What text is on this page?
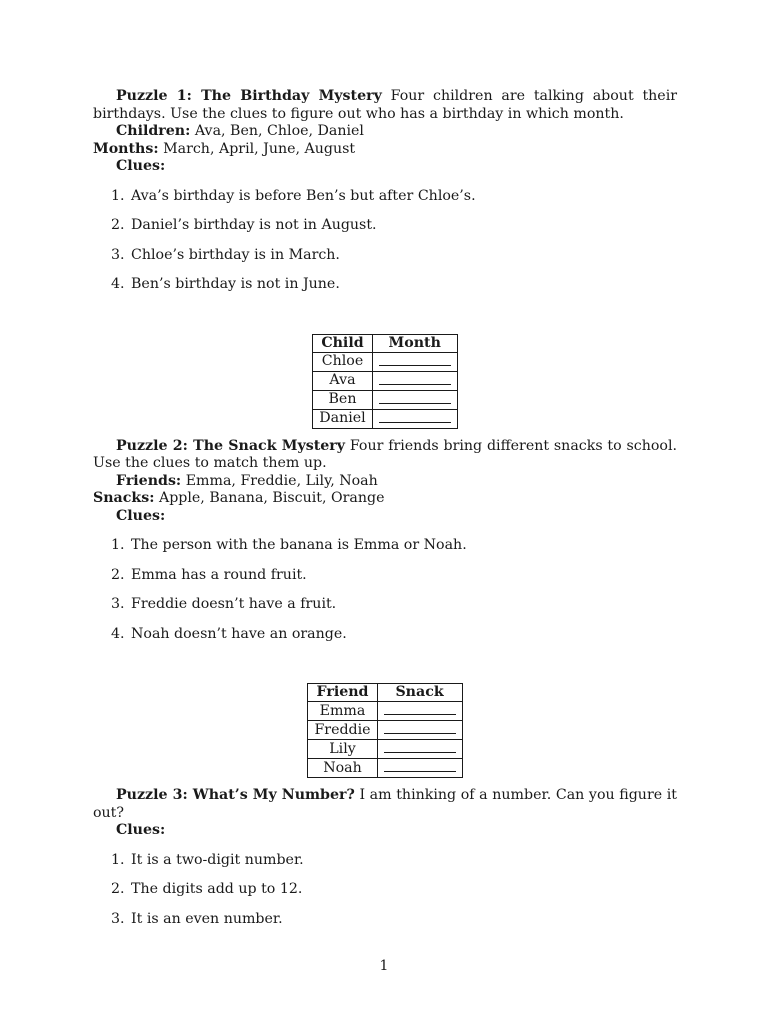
Puzzle 1: The Birthday Mystery Four children are talking about their birthdays. Use the clues to figure out who has a birthday in which month.

Children: Ava, Ben, Chloe, Daniel

Months: March, April, June, August

Clues:

1. Ava’s birthday is before Ben’s but after Chloe’s.
2. Daniel’s birthday is not in August.
3. Chloe’s birthday is in March.
4. Ben’s birthday is not in June.
Child	Month
Chloe	
Ava	
Ben	
Daniel	

Puzzle 2: The Snack Mystery Four friends bring different snacks to school. Use the clues to match them up.

Friends: Emma, Freddie, Lily, Noah

Snacks: Apple, Banana, Biscuit, Orange

Clues:

1. The person with the banana is Emma or Noah.
2. Emma has a round fruit.
3. Freddie doesn’t have a fruit.
4. Noah doesn’t have an orange.
Friend	Snack
Emma	
Freddie	
Lily	
Noah	

Puzzle 3: What’s My Number? I am thinking of a number. Can you figure it out?

Clues:

1. It is a two-digit number.
2. The digits add up to 12.
3. It is an even number.
1
